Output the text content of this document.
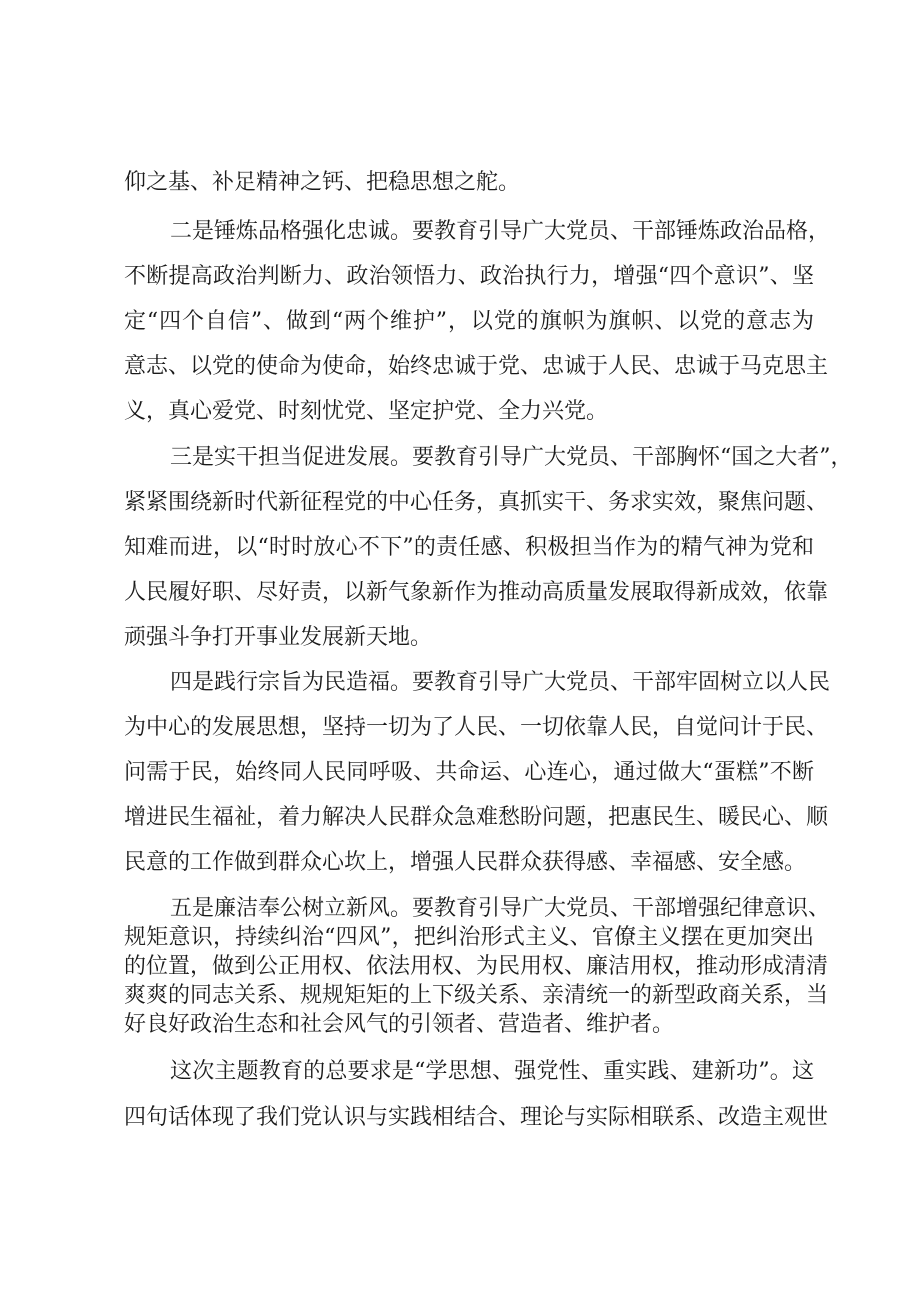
仰之基、补足精神之钙、把稳思想之舵。
二是锤炼品格强化忠诚。要教育引导广大党员、干部锤炼政治品格，
不断提高政治判断力、政治领悟力、政治执行力，增强“四个意识”、坚
定“四个自信”、做到“两个维护”，以党的旗帜为旗帜、以党的意志为
意志、以党的使命为使命，始终忠诚于党、忠诚于人民、忠诚于马克思主
义，真心爱党、时刻忧党、坚定护党、全力兴党。
三是实干担当促进发展。要教育引导广大党员、干部胸怀“国之大者”，
紧紧围绕新时代新征程党的中心任务，真抓实干、务求实效，聚焦问题、
知难而进，以“时时放心不下”的责任感、积极担当作为的精气神为党和
人民履好职、尽好责，以新气象新作为推动高质量发展取得新成效，依靠
顽强斗争打开事业发展新天地。
四是践行宗旨为民造福。要教育引导广大党员、干部牢固树立以人民
为中心的发展思想，坚持一切为了人民、一切依靠人民，自觉问计于民、
问需于民，始终同人民同呼吸、共命运、心连心，通过做大“蛋糕”不断
增进民生福祉，着力解决人民群众急难愁盼问题，把惠民生、暖民心、顺
民意的工作做到群众心坎上，增强人民群众获得感、幸福感、安全感。
五是廉洁奉公树立新风。要教育引导广大党员、干部增强纪律意识、
规矩意识，持续纠治“四风”，把纠治形式主义、官僚主义摆在更加突出
的位置，做到公正用权、依法用权、为民用权、廉洁用权，推动形成清清
爽爽的同志关系、规规矩矩的上下级关系、亲清统一的新型政商关系，当
好良好政治生态和社会风气的引领者、营造者、维护者。
这次主题教育的总要求是“学思想、强党性、重实践、建新功”。这
四句话体现了我们党认识与实践相结合、理论与实际相联系、改造主观世
